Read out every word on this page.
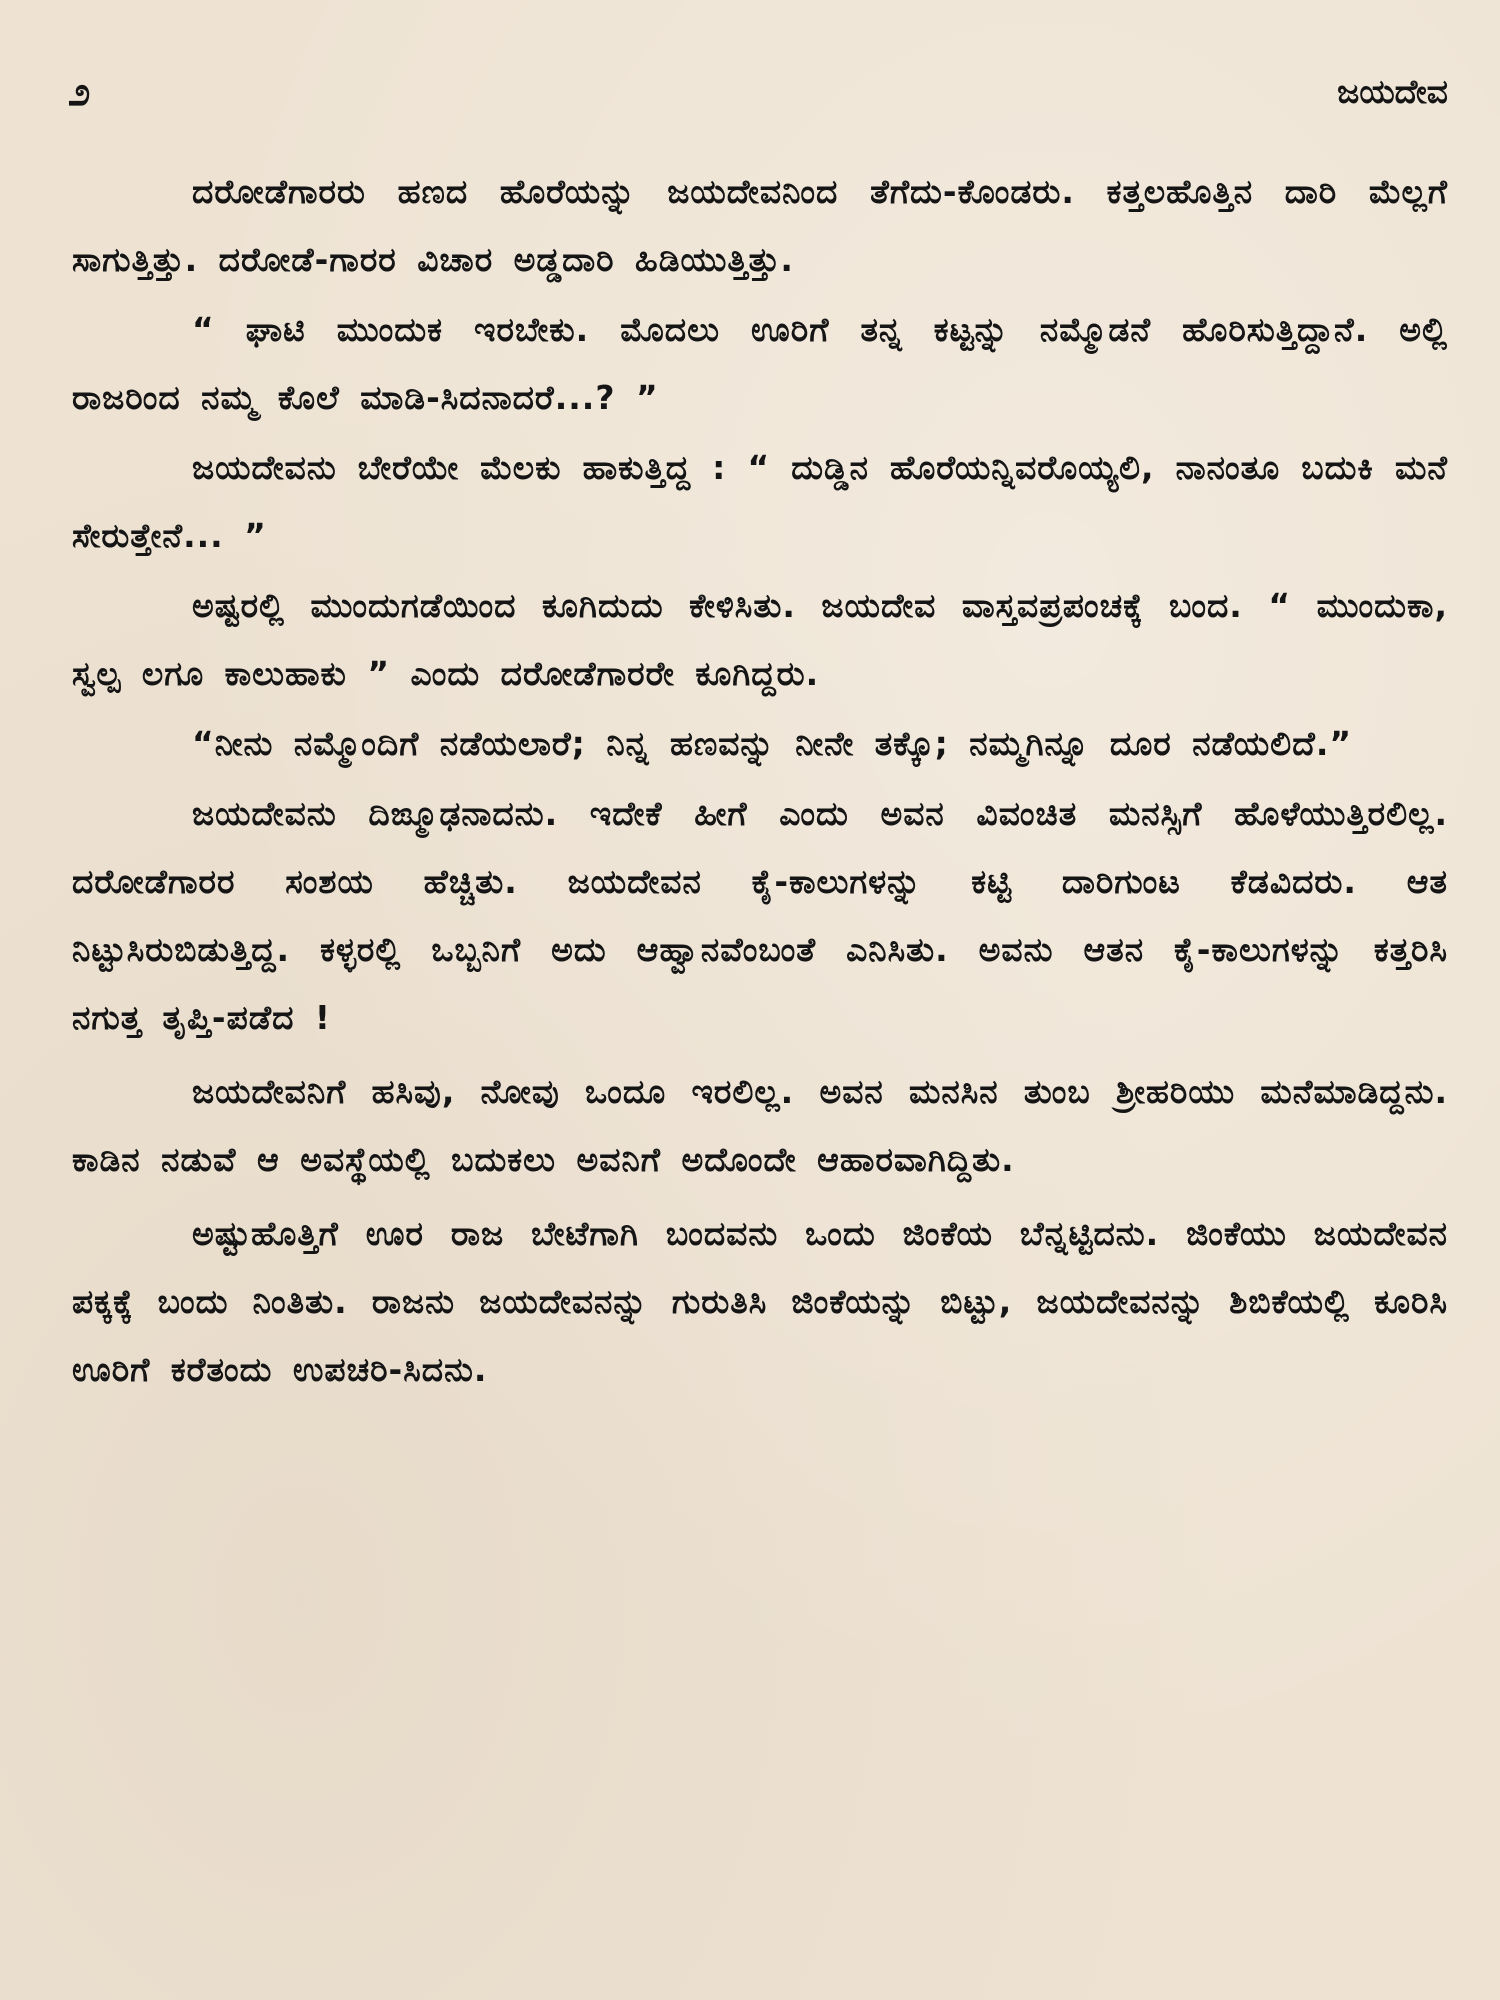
೨	ಜಯದೇವ

ದರೋಡೆಗಾರರು ಹಣದ ಹೊರೆಯನ್ನು ಜಯದೇವನಿಂದ ತೆಗೆದು-ಕೊಂಡರು. ಕತ್ತಲಹೊತ್ತಿನ ದಾರಿ ಮೆಲ್ಲಗೆ ಸಾಗುತ್ತಿತ್ತು. ದರೋಡೆ-ಗಾರರ ವಿಚಾರ ಅಡ್ಡದಾರಿ ಹಿಡಿಯುತ್ತಿತ್ತು.

“ ಘಾಟಿ ಮುಂದುಕ ಇರಬೇಕು. ಮೊದಲು ಊರಿಗೆ ತನ್ನ ಕಟ್ಟನ್ನು ನಮ್ಮೊಡನೆ ಹೊರಿಸುತ್ತಿದ್ದಾನೆ. ಅಲ್ಲಿ ರಾಜರಿಂದ ನಮ್ಮ ಕೊಲೆ ಮಾಡಿ-ಸಿದನಾದರೆ...? ”

ಜಯದೇವನು ಬೇರೆಯೇ ಮೆಲಕು ಹಾಕುತ್ತಿದ್ದ : “ ದುಡ್ಡಿನ ಹೊರೆಯನ್ನಿವರೊಯ್ಯಲಿ, ನಾನಂತೂ ಬದುಕಿ ಮನೆ ಸೇರುತ್ತೇನೆ... ”

ಅಷ್ಟರಲ್ಲಿ ಮುಂದುಗಡೆಯಿಂದ ಕೂಗಿದುದು ಕೇಳಿಸಿತು. ಜಯದೇವ ವಾಸ್ತವಪ್ರಪಂಚಕ್ಕೆ ಬಂದ. “ ಮುಂದುಕಾ, ಸ್ವಲ್ಪ ಲಗೂ ಕಾಲುಹಾಕು ” ಎಂದು ದರೋಡೆಗಾರರೇ ಕೂಗಿದ್ದರು.

“ನೀನು ನಮ್ಮೊಂದಿಗೆ ನಡೆಯಲಾರೆ; ನಿನ್ನ ಹಣವನ್ನು ನೀನೇ ತಕ್ಕೊ; ನಮ್ಮಗಿನ್ನೂ ದೂರ ನಡೆಯಲಿದೆ.”

ಜಯದೇವನು ದಿಙ್ಮೂಢನಾದನು. ಇದೇಕೆ ಹೀಗೆ ಎಂದು ಅವನ ವಿವಂಚಿತ ಮನಸ್ಸಿಗೆ ಹೊಳೆಯುತ್ತಿರಲಿಲ್ಲ. ದರೋಡೆಗಾರರ ಸಂಶಯ ಹೆಚ್ಚಿತು. ಜಯದೇವನ ಕೈ-ಕಾಲುಗಳನ್ನು ಕಟ್ಟಿ ದಾರಿಗುಂಟ ಕೆಡವಿದರು. ಆತ ನಿಟ್ಟುಸಿರುಬಿಡುತ್ತಿದ್ದ. ಕಳ್ಳರಲ್ಲಿ ಒಬ್ಬನಿಗೆ ಅದು ಆಹ್ವಾನವೆಂಬಂತೆ ಎನಿಸಿತು. ಅವನು ಆತನ ಕೈ-ಕಾಲುಗಳನ್ನು ಕತ್ತರಿಸಿ ನಗುತ್ತ ತೃಪ್ತಿ-ಪಡೆದ !

ಜಯದೇವನಿಗೆ ಹಸಿವು, ನೋವು ಒಂದೂ ಇರಲಿಲ್ಲ. ಅವನ ಮನಸಿನ ತುಂಬ ಶ್ರೀಹರಿಯು ಮನೆಮಾಡಿದ್ದನು. ಕಾಡಿನ ನಡುವೆ ಆ ಅವಸ್ಥೆಯಲ್ಲಿ ಬದುಕಲು ಅವನಿಗೆ ಅದೊಂದೇ ಆಹಾರವಾಗಿದ್ದಿತು.

ಅಷ್ಟುಹೊತ್ತಿಗೆ ಊರ ರಾಜ ಬೇಟೆಗಾಗಿ ಬಂದವನು ಒಂದು ಜಿಂಕೆಯ ಬೆನ್ನಟ್ಟಿದನು. ಜಿಂಕೆಯು ಜಯದೇವನ ಪಕ್ಕಕ್ಕೆ ಬಂದು ನಿಂತಿತು. ರಾಜನು ಜಯದೇವನನ್ನು ಗುರುತಿಸಿ ಜಿಂಕೆಯನ್ನು ಬಿಟ್ಟು, ಜಯದೇವನನ್ನು ಶಿಬಿಕೆಯಲ್ಲಿ ಕೂರಿಸಿ ಊರಿಗೆ ಕರೆತಂದು ಉಪಚರಿ-ಸಿದನು.
